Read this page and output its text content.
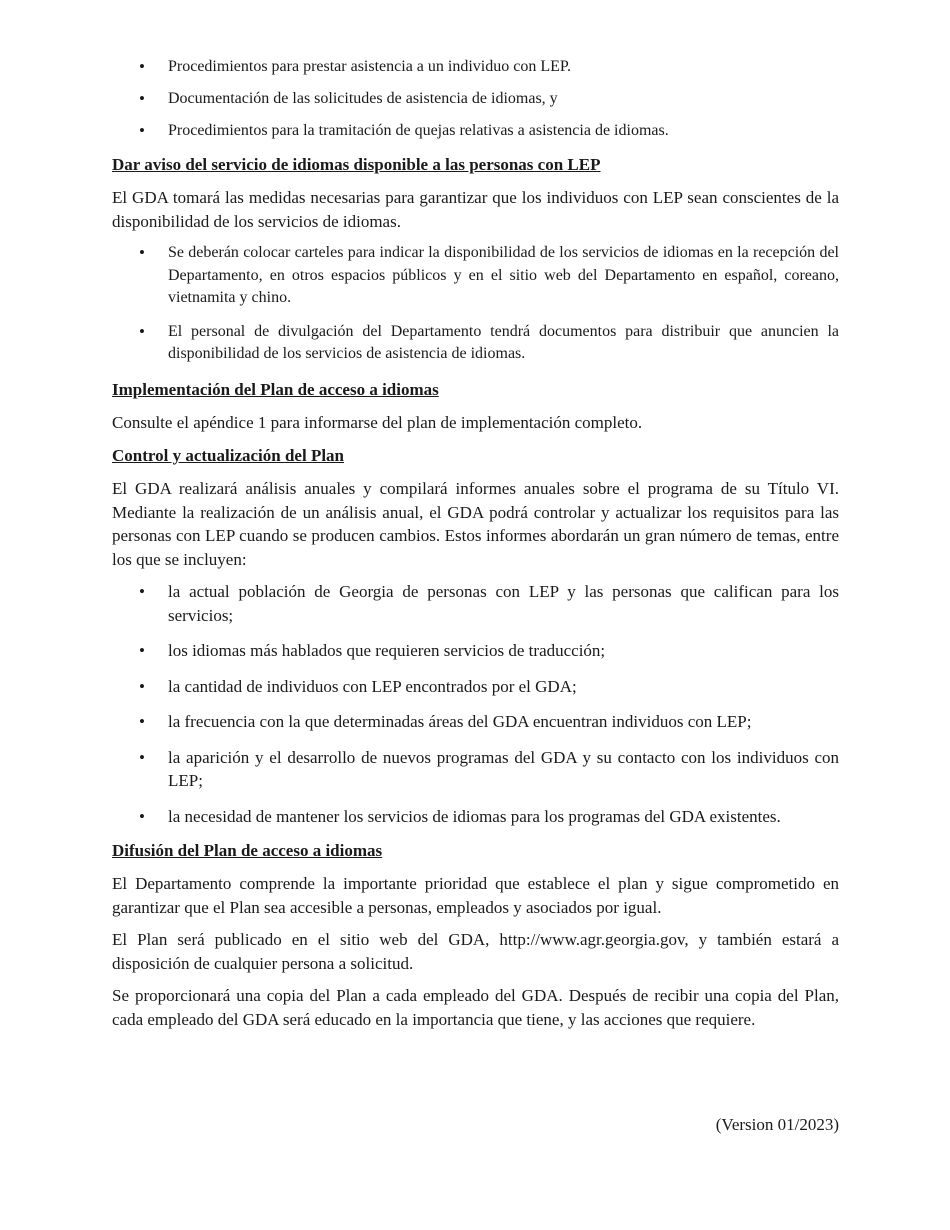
• Procedimientos para prestar asistencia a un individuo con LEP.
• Documentación de las solicitudes de asistencia de idiomas, y
• Procedimientos para la tramitación de quejas relativas a asistencia de idiomas.
Dar aviso del servicio de idiomas disponible a las personas con LEP

El GDA tomará las medidas necesarias para garantizar que los individuos con LEP sean conscientes de la disponibilidad de los servicios de idiomas.

• Se deberán colocar carteles para indicar la disponibilidad de los servicios de idiomas en la recepción del Departamento, en otros espacios públicos y en el sitio web del Departamento en español, coreano, vietnamita y chino.
• El personal de divulgación del Departamento tendrá documentos para distribuir que anuncien la disponibilidad de los servicios de asistencia de idiomas.
Implementación del Plan de acceso a idiomas

Consulte el apéndice 1 para informarse del plan de implementación completo.

Control y actualización del Plan

El GDA realizará análisis anuales y compilará informes anuales sobre el programa de su Título VI. Mediante la realización de un análisis anual, el GDA podrá controlar y actualizar los requisitos para las personas con LEP cuando se producen cambios. Estos informes abordarán un gran número de temas, entre los que se incluyen:

• la actual población de Georgia de personas con LEP y las personas que califican para los servicios;
• los idiomas más hablados que requieren servicios de traducción;
• la cantidad de individuos con LEP encontrados por el GDA;
• la frecuencia con la que determinadas áreas del GDA encuentran individuos con LEP;
• la aparición y el desarrollo de nuevos programas del GDA y su contacto con los individuos con LEP;
• la necesidad de mantener los servicios de idiomas para los programas del GDA existentes.
Difusión del Plan de acceso a idiomas

El Departamento comprende la importante prioridad que establece el plan y sigue comprometido en garantizar que el Plan sea accesible a personas, empleados y asociados por igual.

El Plan será publicado en el sitio web del GDA, http://www.agr.georgia.gov, y también estará a disposición de cualquier persona a solicitud.

Se proporcionará una copia del Plan a cada empleado del GDA. Después de recibir una copia del Plan, cada empleado del GDA será educado en la importancia que tiene, y las acciones que requiere.

(Version 01/2023)
